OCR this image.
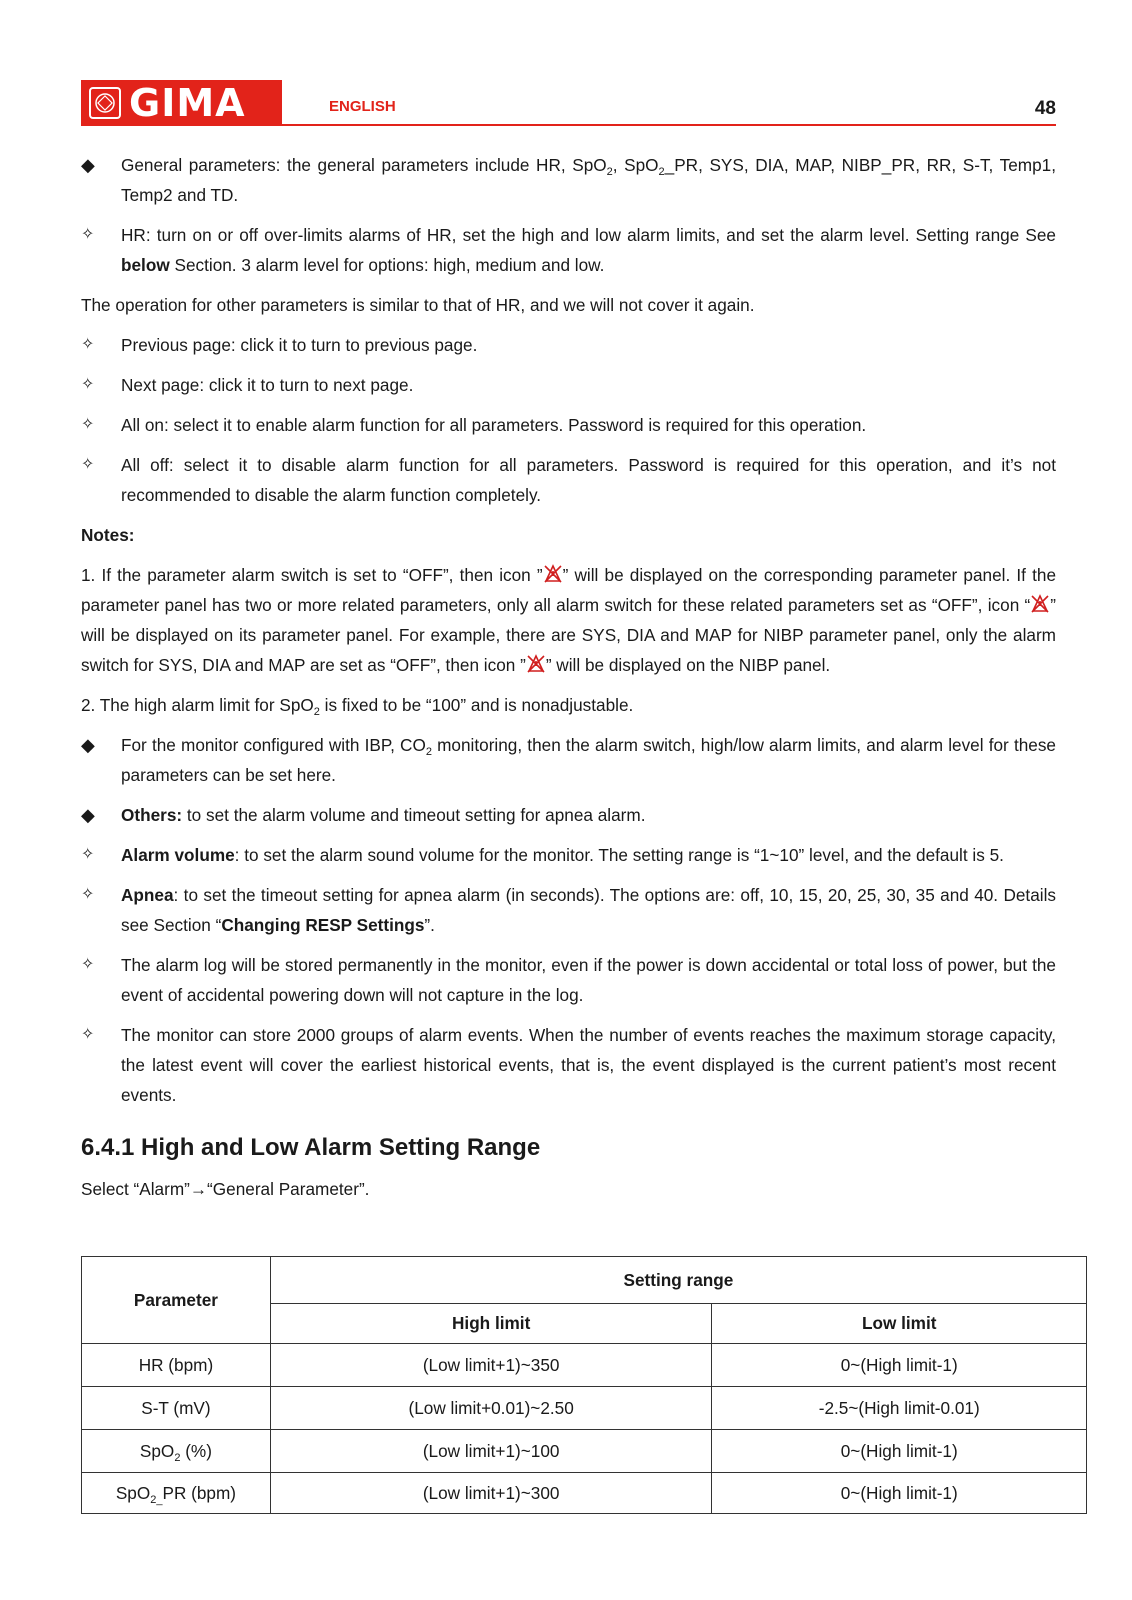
GIMA	ENGLISH	48
◆	General parameters: the general parameters include HR, SpO$_2$, SpO$_2$_PR, SYS, DIA, MAP, NIBP_PR, RR, S-T, Temp1, Temp2 and TD.
✧	HR: turn on or off over-limits alarms of HR, set the high and low alarm limits, and set the alarm level. Setting range See below Section. 3 alarm level for options: high, medium and low.
The operation for other parameters is similar to that of HR, and we will not cover it again.
✧	Previous page: click it to turn to previous page.
✧	Next page: click it to turn to next page.
✧	All on: select it to enable alarm function for all parameters. Password is required for this operation.
✧	All off: select it to disable alarm function for all parameters. Password is required for this operation, and it’s not recommended to disable the alarm function completely.
Notes:
1. If the parameter alarm switch is set to “OFF”, then icon ” ” will be displayed on the corresponding parameter panel. If the parameter panel has two or more related parameters, only all alarm switch for these related parameters set as “OFF”, icon “ ” will be displayed on its parameter panel. For example, there are SYS, DIA and MAP for NIBP parameter panel, only the alarm switch for SYS, DIA and MAP are set as “OFF”, then icon ” ” will be displayed on the NIBP panel.
2. The high alarm limit for SpO$_2$ is fixed to be “100” and is nonadjustable.
◆	For the monitor configured with IBP, $CO_2$ monitoring, then the alarm switch, high/low alarm limits, and alarm level for these parameters can be set here.
◆	Others: to set the alarm volume and timeout setting for apnea alarm.
✧	Alarm volume: to set the alarm sound volume for the monitor. The setting range is “1~10” level, and the default is 5.
✧	Apnea: to set the timeout setting for apnea alarm (in seconds). The options are: off, 10, 15, 20, 25, 30, 35 and 40. Details see Section “Changing RESP Settings”.
✧	The alarm log will be stored permanently in the monitor, even if the power is down accidental or total loss of power, but the event of accidental powering down will not capture in the log.
✧	The monitor can store 2000 groups of alarm events. When the number of events reaches the maximum storage capacity, the latest event will cover the earliest historical events, that is, the event displayed is the current patient’s most recent events.
6.4.1 High and Low Alarm Setting Range

Select “Alarm”→“General Parameter”.

Parameter	Setting range	
	High limit	Low limit
HR (bpm)	(Low limit+1)~350	0~(High limit-1)
S-T (mV)	(Low limit+0.01)~2.50	-2.5~(High limit-0.01)
SpO$_2$ (%)	(Low limit+1)~100	0~(High limit-1)
SpO$_{2\_}$PR (bpm)	(Low limit+1)~300	0~(High limit-1)
